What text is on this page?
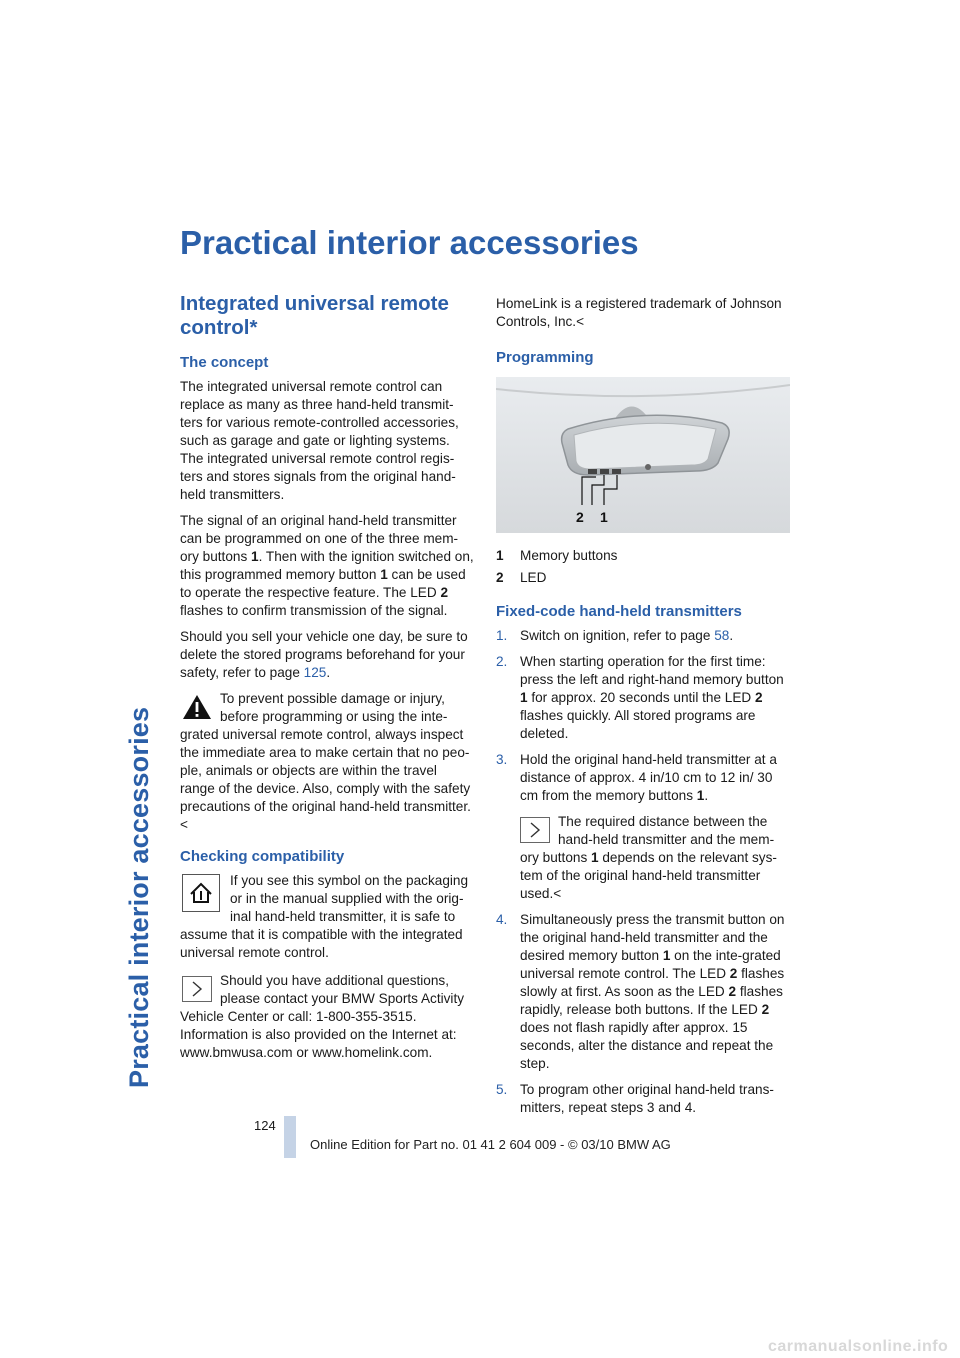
Practical interior accessories
Practical interior accessories
Integrated universal remote control*
The concept

The integrated universal remote control can replace as many as three hand-held transmit-ters for various remote-controlled accessories, such as garage and gate or lighting systems. The integrated universal remote control regis-ters and stores signals from the original hand-held transmitters.

The signal of an original hand-held transmitter can be programmed on one of the three mem-ory buttons 1. Then with the ignition switched on, this programmed memory button 1 can be used to operate the respective feature. The LED 2 flashes to confirm transmission of the signal.

Should you sell your vehicle one day, be sure to delete the stored programs beforehand for your safety, refer to page 125.

To prevent possible damage or injury, before programming or using the inte-grated universal remote control, always inspect the immediate area to make certain that no peo-ple, animals or objects are within the travel range of the device. Also, comply with the safety precautions of the original hand-held transmitter.<
Checking compatibility
If you see this symbol on the packaging or in the manual supplied with the orig-inal hand-held transmitter, it is safe to assume that it is compatible with the integrated universal remote control.
Should you have additional questions, please contact your BMW Sports Activity Vehicle Center or call: 1-800-355-3515. Information is also provided on the Internet at: www.bmwusa.com or www.homelink.com.

HomeLink is a registered trademark of Johnson Controls, Inc.<

Programming
2 1
1 Memory buttons
2 LED
Fixed-code hand-held transmitters
1. Switch on ignition, refer to page 58.
2. When starting operation for the first time: press the left and right-hand memory button 1 for approx. 20 seconds until the LED 2 flashes quickly. All stored programs are deleted.
3. Hold the original hand-held transmitter at a distance of approx. 4 in/10 cm to 12 in/ 30 cm from the memory buttons 1.
The required distance between the hand-held transmitter and the mem-ory buttons 1 depends on the relevant sys-tem of the original hand-held transmitter used.<
4. Simultaneously press the transmit button on the original hand-held transmitter and the desired memory button 1 on the inte-grated universal remote control. The LED 2 flashes slowly at first. As soon as the LED 2 flashes rapidly, release both buttons. If the LED 2 does not flash rapidly after approx. 15 seconds, alter the distance and repeat the step.
5. To program other original hand-held trans-mitters, repeat steps 3 and 4.
124
Online Edition for Part no. 01 41 2 604 009 - © 03/10 BMW AG
carmanualsonline.info
